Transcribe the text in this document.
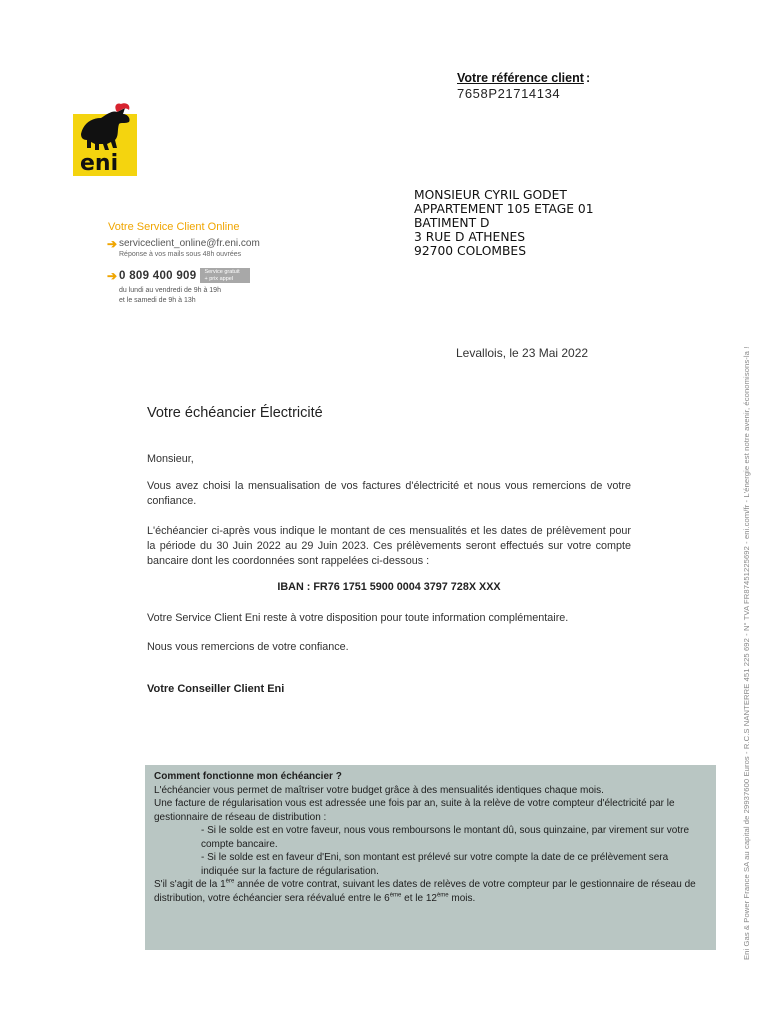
Votre référence client :
7658P21714134
eni
Votre Service Client Online
➔ serviceclient_online@fr.eni.com
Réponse à vos mails sous 48h ouvrées
➔ 0 809 400 909	Service gratuit
+ prix appel
du lundi au vendredi de 9h à 19h
et le samedi de 9h à 13h
MONSIEUR CYRIL GODET
APPARTEMENT 105 ETAGE 01
BATIMENT D
3 RUE D ATHENES
92700 COLOMBES
Levallois, le 23 Mai 2022
Votre échéancier Électricité
Monsieur,
Vous avez choisi la mensualisation de vos factures d'électricité et nous vous remercions de votre confiance.
L'échéancier ci-après vous indique le montant de ces mensualités et les dates de prélèvement pour la période du 30 Juin 2022 au 29 Juin 2023. Ces prélèvements seront effectués sur votre compte bancaire dont les coordonnées sont rappelées ci-dessous :
IBAN : FR76 1751 5900 0004 3797 728X XXX
Votre Service Client Eni reste à votre disposition pour toute information complémentaire.
Nous vous remercions de votre confiance.
Votre Conseiller Client Eni
Comment fonctionne mon échéancier ?
L'échéancier vous permet de maîtriser votre budget grâce à des mensualités identiques chaque mois.
Une facture de régularisation vous est adressée une fois par an, suite à la relève de votre compteur d'électricité par le gestionnaire de réseau de distribution :
- Si le solde est en votre faveur, nous vous remboursons le montant dû, sous quinzaine, par virement sur votre compte bancaire.
- Si le solde est en faveur d'Eni, son montant est prélevé sur votre compte la date de ce prélèvement sera indiquée sur la facture de régularisation.
S'il s'agit de la 1ère année de votre contrat, suivant les dates de relèves de votre compteur par le gestionnaire de réseau de distribution, votre échéancier sera réévalué entre le 6ème et le 12ème mois.	Eni Gas & Power France SA au capital de 29937600 Euros - R.C.S NANTERRE 451 225 692 - N° TVA FR87451225692 - eni.com/fr - L'énergie est notre avenir, économisons-la !
